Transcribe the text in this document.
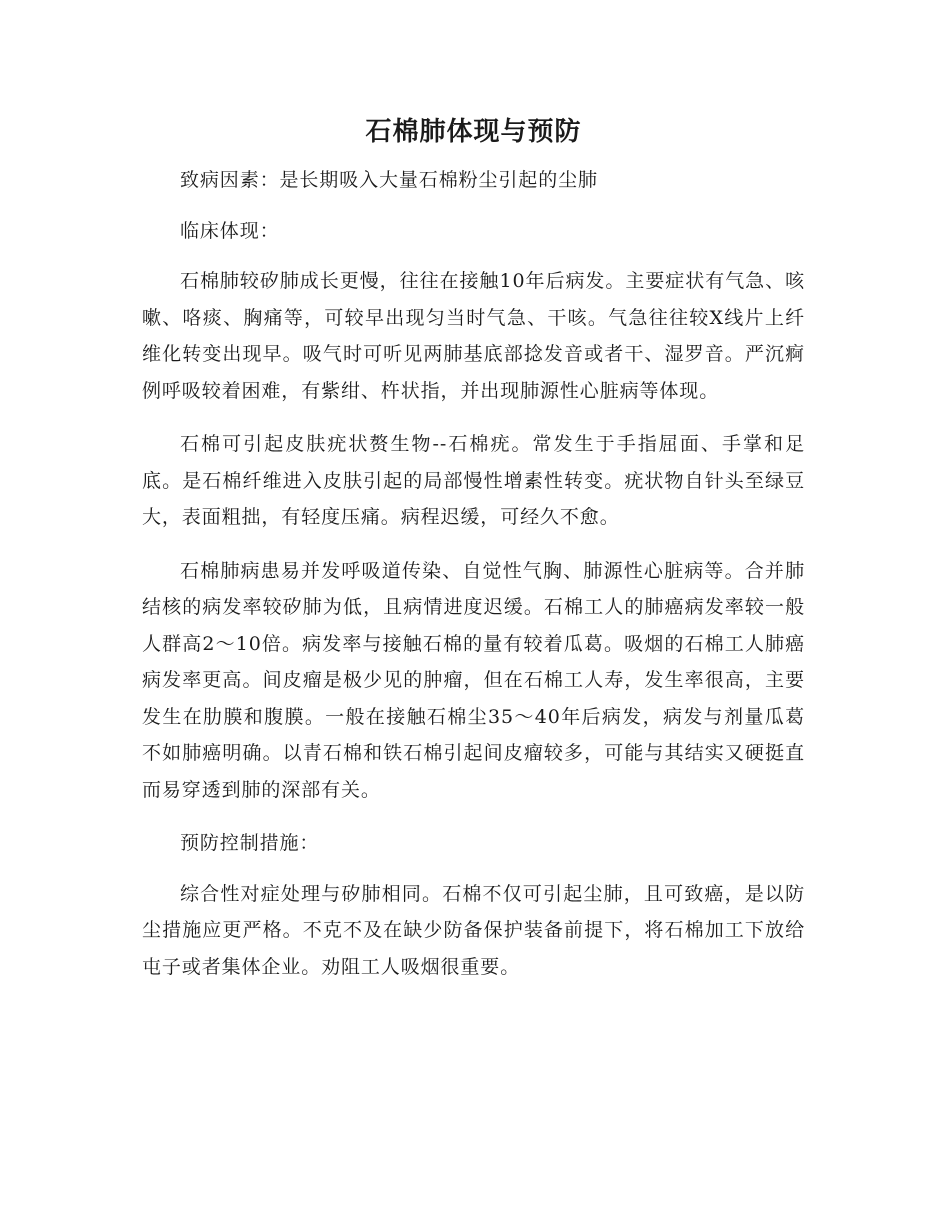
石棉肺体现与预防

致病因素：是长期吸入大量石棉粉尘引起的尘肺

临床体现：

石棉肺较矽肺成长更慢，往往在接触10年后病发。主要症状有气急、咳嗽、咯痰、胸痛等，可较早出现匀当时气急、干咳。气急往往较X线片上纤维化转变出现早。吸气时可听见两肺基底部捻发音或者干、湿罗音。严沉痾例呼吸较着困难，有紫绀、杵状指，并出现肺源性心脏病等体现。

石棉可引起皮肤疣状赘生物--石棉疣。常发生于手指屈面、手掌和足底。是石棉纤维进入皮肤引起的局部慢性增素性转变。疣状物自针头至绿豆大，表面粗拙，有轻度压痛。病程迟缓，可经久不愈。

石棉肺病患易并发呼吸道传染、自觉性气胸、肺源性心脏病等。合并肺结核的病发率较矽肺为低，且病情进度迟缓。石棉工人的肺癌病发率较一般人群高2～10倍。病发率与接触石棉的量有较着瓜葛。吸烟的石棉工人肺癌病发率更高。间皮瘤是极少见的肿瘤，但在石棉工人寿，发生率很高，主要发生在肋膜和腹膜。一般在接触石棉尘35～40年后病发，病发与剂量瓜葛不如肺癌明确。以青石棉和铁石棉引起间皮瘤较多，可能与其结实又硬挺直而易穿透到肺的深部有关。

预防控制措施：

综合性对症处理与矽肺相同。石棉不仅可引起尘肺，且可致癌，是以防尘措施应更严格。不克不及在缺少防备保护装备前提下，将石棉加工下放给屯子或者集体企业。劝阻工人吸烟很重要。
